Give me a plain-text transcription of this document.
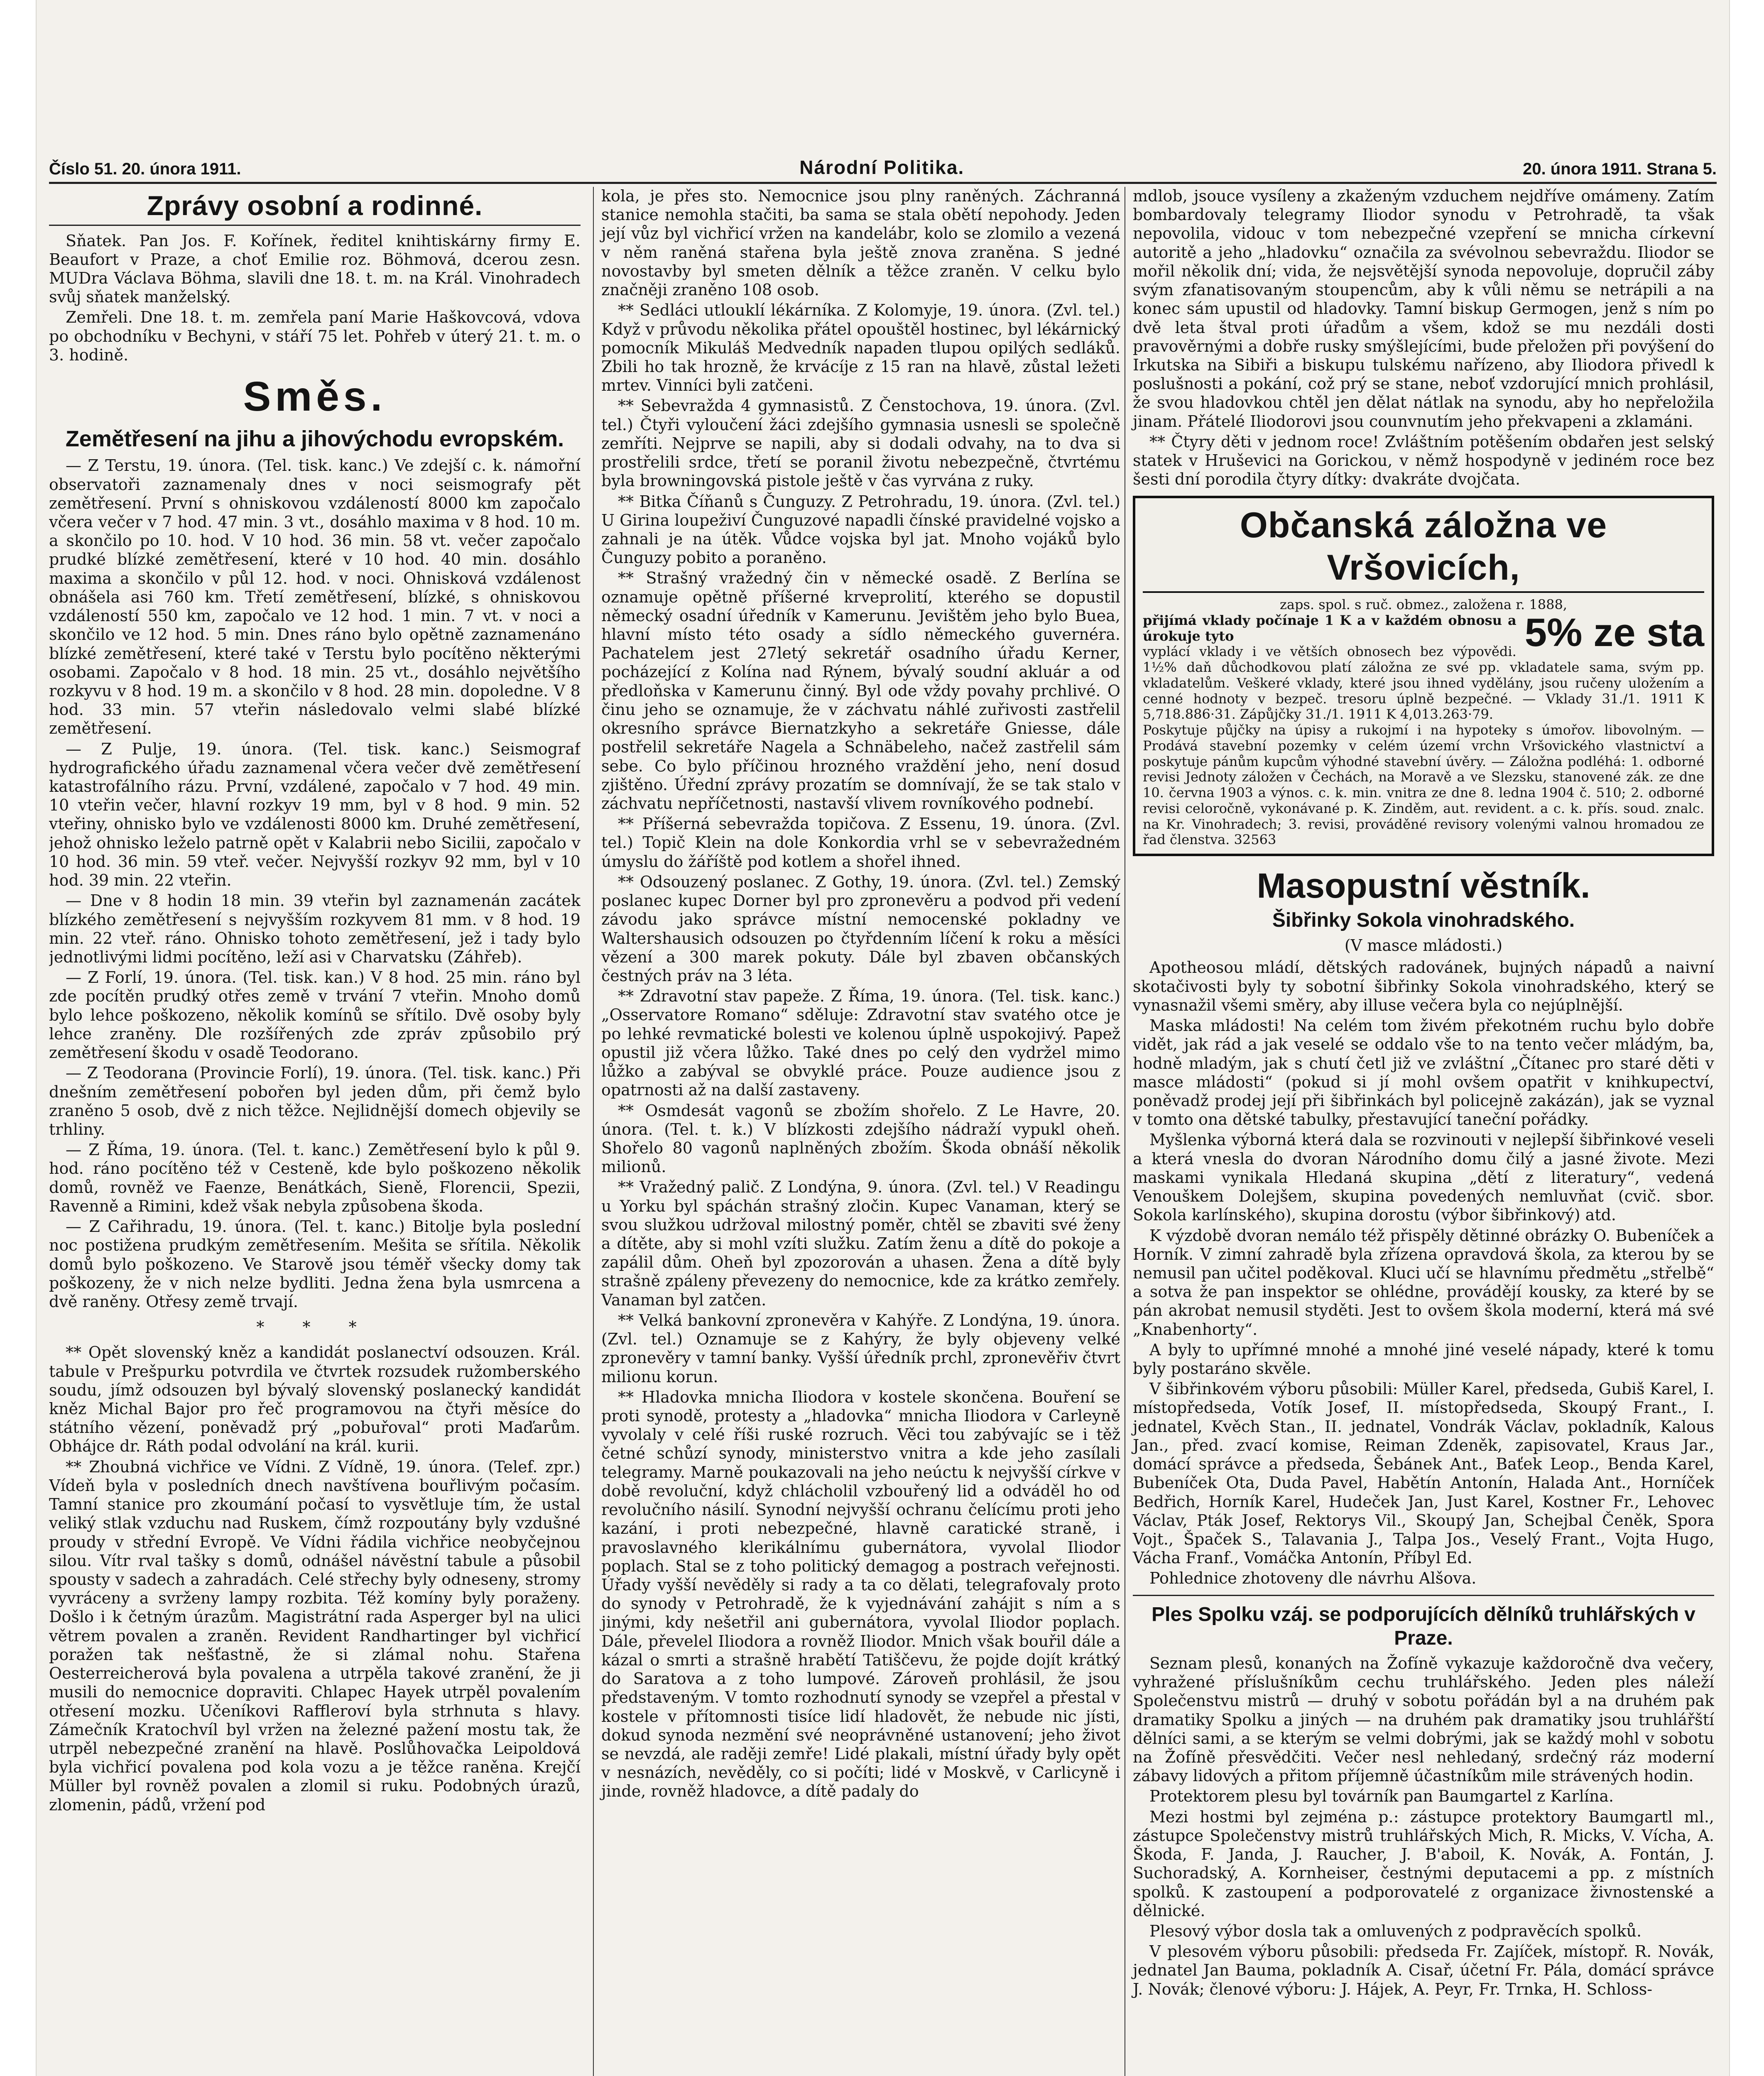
Číslo 51. 20. února 1911.	Národní Politika.	20. února 1911. Strana 5.
Zprávy osobní a rodinné.

Sňatek. Pan Jos. F. Kořínek, ředitel knihtiskárny firmy E. Beaufort v Praze, a choť Emilie roz. Böhmová, dcerou zesn. MUDra Václava Böhma, slavili dne 18. t. m. na Král. Vinohradech svůj sňatek manželský.

Zemřeli. Dne 18. t. m. zemřela paní Marie Haškovcová, vdova po obchodníku v Bechyni, v stáří 75 let. Pohřeb v úterý 21. t. m. o 3. hodině.

Směs.
Zemětřesení na jihu a jihovýchodu evropském.

— Z Terstu, 19. února. (Tel. tisk. kanc.) Ve zdejší c. k. námořní observatoři zaznamenaly dnes v noci seismografy pět zemětřesení. První s ohniskovou vzdáleností 8000 km započalo včera večer v 7 hod. 47 min. 3 vt., dosáhlo maxima v 8 hod. 10 m. a skončilo po 10. hod. V 10 hod. 36 min. 58 vt. večer započalo prudké blízké zemětřesení, které v 10 hod. 40 min. dosáhlo maxima a skončilo v půl 12. hod. v noci. Ohnisková vzdálenost obnášela asi 760 km. Třetí zemětřesení, blízké, s ohniskovou vzdáleností 550 km, započalo ve 12 hod. 1 min. 7 vt. v noci a skončilo ve 12 hod. 5 min. Dnes ráno bylo opětně zaznamenáno blízké zemětřesení, které také v Terstu bylo pocítěno některými osobami. Započalo v 8 hod. 18 min. 25 vt., dosáhlo největšího rozkyvu v 8 hod. 19 m. a skončilo v 8 hod. 28 min. dopoledne. V 8 hod. 33 min. 57 vteřin následovalo velmi slabé blízké zemětřesení.

— Z Pulje, 19. února. (Tel. tisk. kanc.) Seismograf hydrografického úřadu zaznamenal včera večer dvě zemětřesení katastrofálního rázu. První, vzdálené, započalo v 7 hod. 49 min. 10 vteřin večer, hlavní rozkyv 19 mm, byl v 8 hod. 9 min. 52 vteřiny, ohnisko bylo ve vzdálenosti 8000 km. Druhé zemětřesení, jehož ohnisko leželo patrně opět v Kalabrii nebo Sicilii, započalo v 10 hod. 36 min. 59 vteř. večer. Nejvyšší rozkyv 92 mm, byl v 10 hod. 39 min. 22 vteřin.

— Dne v 8 hodin 18 min. 39 vteřin byl zaznamenán zacátek blízkého zemětřesení s nejvyšším rozkyvem 81 mm. v 8 hod. 19 min. 22 vteř. ráno. Ohnisko tohoto zemětřesení, jež i tady bylo jednotlivými lidmi pocítěno, leží asi v Charvatsku (Záhřeb).

— Z Forlí, 19. února. (Tel. tisk. kan.) V 8 hod. 25 min. ráno byl zde pocítěn prudký otřes země v trvání 7 vteřin. Mnoho domů bylo lehce poškozeno, několik komínů se sřítilo. Dvě osoby byly lehce zraněny. Dle rozšířených zde zpráv způsobilo prý zemětřesení škodu v osadě Teodorano.

— Z Teodorana (Provincie Forlí), 19. února. (Tel. tisk. kanc.) Při dnešním zemětřesení pobořen byl jeden dům, při čemž bylo zraněno 5 osob, dvě z nich těžce. Nejlidnější domech objevily se trhliny.

— Z Říma, 19. února. (Tel. t. kanc.) Zemětřesení bylo k půl 9. hod. ráno pocítěno též v Cesteně, kde bylo poškozeno několik domů, rovněž ve Faenze, Benátkách, Sieně, Florencii, Spezii, Ravenně a Rimini, kdež však nebyla způsobena škoda.

— Z Cařihradu, 19. února. (Tel. t. kanc.) Bitolje byla poslední noc postižena prudkým zemětřesením. Mešita se sřítila. Několik domů bylo poškozeno. Ve Starově jsou téměř všecky domy tak poškozeny, že v nich nelze bydliti. Jedna žena byla usmrcena a dvě raněny. Otřesy země trvají.

* * *

** Opět slovenský kněz a kandidát poslanectví odsouzen. Král. tabule v Prešpurku potvrdila ve čtvrtek rozsudek ružomberského soudu, jímž odsouzen byl bývalý slovenský poslanecký kandidát kněz Michal Bajor pro řeč programovou na čtyři měsíce do státního vězení, poněvadž prý „pobuřoval“ proti Maďarům. Obhájce dr. Ráth podal odvolání na král. kurii.

** Zhoubná vichřice ve Vídni. Z Vídně, 19. února. (Telef. zpr.) Vídeň byla v posledních dnech navštívena bouřlivým počasím. Tamní stanice pro zkoumání počasí to vysvětluje tím, že ustal veliký stlak vzduchu nad Ruskem, čímž rozpoutány byly vzdušné proudy v střední Evropě. Ve Vídni řádila vichřice neobyčejnou silou. Vítr rval tašky s domů, odnášel návěstní tabule a působil spousty v sadech a zahradách. Celé střechy byly odneseny, stromy vyvráceny a svrženy lampy rozbita. Též komíny byly poraženy. Došlo i k četným úrazům. Magistrátní rada Asperger byl na ulici větrem povalen a zraněn. Revident Randhartinger byl vichřicí poražen tak nešťastně, že si zlámal nohu. Stařena Oesterreicherová byla povalena a utrpěla takové zranění, že ji musili do nemocnice dopraviti. Chlapec Hayek utrpěl povalením otřesení mozku. Učeníkovi Raffleroví byla strhnuta s hlavy. Zámečník Kratochvíl byl vržen na železné pažení mostu tak, že utrpěl nebezpečné zranění na hlavě. Poslůhovačka Leipoldová byla vichřicí povalena pod kola vozu a je těžce raněna. Krejčí Müller byl rovněž povalen a zlomil si ruku. Podobných úrazů, zlomenin, pádů, vržení pod

kola, je přes sto. Nemocnice jsou plny raněných. Záchranná stanice nemohla stačiti, ba sama se stala obětí nepohody. Jeden její vůz byl vichřicí vržen na kandelábr, kolo se zlomilo a vezená v něm raněná stařena byla ještě znova zraněna. S jedné novostavby byl smeten dělník a těžce zraněn. V celku bylo značněji zraněno 108 osob.

** Sedláci utlouklí lékárníka. Z Kolomyje, 19. února. (Zvl. tel.) Když v průvodu několika přátel opouštěl hostinec, byl lékárnický pomocník Mikuláš Medvedník napaden tlupou opilých sedláků. Zbili ho tak hrozně, že krvácíje z 15 ran na hlavě, zůstal ležeti mrtev. Vinníci byli zatčeni.

** Sebevražda 4 gymnasistů. Z Čenstochova, 19. února. (Zvl. tel.) Čtyři vyloučení žáci zdejšího gymnasia usnesli se společně zemříti. Nejprve se napili, aby si dodali odvahy, na to dva si prostřelili srdce, třetí se poranil životu nebezpečně, čtvrtému byla browningovská pistole ještě v čas vyrvána z ruky.

** Bitka Číňanů s Čunguzy. Z Petrohradu, 19. února. (Zvl. tel.) U Girina loupeživí Čunguzové napadli čínské pravidelné vojsko a zahnali je na útěk. Vůdce vojska byl jat. Mnoho vojáků bylo Čunguzy pobito a poraněno.

** Strašný vražedný čin v německé osadě. Z Berlína se oznamuje opětně příšerné krveprolití, kterého se dopustil německý osadní úředník v Kamerunu. Jevištěm jeho bylo Buea, hlavní místo této osady a sídlo německého guvernéra. Pachatelem jest 27letý sekretář osadního úřadu Kerner, pocházející z Kolína nad Rýnem, bývalý soudní akluár a od předloňska v Kamerunu činný. Byl ode vždy povahy prchlivé. O činu jeho se oznamuje, že v záchvatu náhlé zuřivosti zastřelil okresního správce Biernatzkyho a sekretáře Gniesse, dále postřelil sekretáře Nagela a Schnäbeleho, načež zastřelil sám sebe. Co bylo příčinou hrozného vraždění jeho, není dosud zjištěno. Úřední zprávy prozatím se domnívají, že se tak stalo v záchvatu nepříčetnosti, nastavší vlivem rovníkového podnebí.

** Příšerná sebevražda topičova. Z Essenu, 19. února. (Zvl. tel.) Topič Klein na dole Konkordia vrhl se v sebevražedném úmyslu do žáříště pod kotlem a shořel ihned.

** Odsouzený poslanec. Z Gothy, 19. února. (Zvl. tel.) Zemský poslanec kupec Dorner byl pro zpronevěru a podvod při vedení závodu jako správce místní nemocenské pokladny ve Waltershausich odsouzen po čtyřdenním líčení k roku a měsíci vězení a 300 marek pokuty. Dále byl zbaven občanských čestných práv na 3 léta.

** Zdravotní stav papeže. Z Říma, 19. února. (Tel. tisk. kanc.) „Osservatore Romano“ sděluje: Zdravotní stav svatého otce je po lehké revmatické bolesti ve kolenou úplně uspokojivý. Papež opustil již včera lůžko. Také dnes po celý den vydržel mimo lůžko a zabýval se obvyklé práce. Pouze audience jsou z opatrnosti až na další zastaveny.

** Osmdesát vagonů se zbožím shořelo. Z Le Havre, 20. února. (Tel. t. k.) V blízkosti zdejšího nádraží vypukl oheň. Shořelo 80 vagonů naplněných zbožím. Škoda obnáší několik milionů.

** Vražedný palič. Z Londýna, 9. února. (Zvl. tel.) V Readingu u Yorku byl spáchán strašný zločin. Kupec Vanaman, který se svou služkou udržoval milostný poměr, chtěl se zbaviti své ženy a dítěte, aby si mohl vzíti služku. Zatím ženu a dítě do pokoje a zapálil dům. Oheň byl zpozorován a uhasen. Žena a dítě byly strašně zpáleny převezeny do nemocnice, kde za krátko zemřely. Vanaman byl zatčen.

** Velká bankovní zpronevěra v Kahýře. Z Londýna, 19. února. (Zvl. tel.) Oznamuje se z Kahýry, že byly objeveny velké zpronevěry v tamní banky. Vyšší úředník prchl, zpronevěřiv čtvrt milionu korun.

** Hladovka mnicha Iliodora v kostele skončena. Bouření se proti synodě, protesty a „hladovka“ mnicha Iliodora v Carleyně vyvolaly v celé říši ruské rozruch. Věci tou zabývajíc se i těž četné schůzí synody, ministerstvo vnitra a kde jeho zasílali telegramy. Marně poukazovali na jeho neúctu k nejvyšší církve v době revoluční, když chlácholil vzbouřený lid a odváděl ho od revolučního násilí. Synodní nejvyšší ochranu čelícímu proti jeho kazání, i proti nebezpečné, hlavně caratické straně, i pravoslavného klerikálnímu gubernátora, vyvolal Iliodor poplach. Stal se z toho politický demagog a postrach veřejnosti. Úřady vyšší nevěděly si rady a ta co dělati, telegrafovaly proto do synody v Petrohradě, že k vyjednávání zahájit s ním a s jinými, kdy nešetřil ani gubernátora, vyvolal Iliodor poplach. Dále, převelel Iliodora a rovněž Iliodor. Mnich však bouřil dále a kázal o smrti a strašně hrabětí Tatiščevu, že pojde dojít krátký do Saratova a z toho lumpové. Zároveň prohlásil, že jsou představeným. V tomto rozhodnutí synody se vzepřel a přestal v kostele v přítomnosti tisíce lidí hladovět, že nebude nic jísti, dokud synoda nezmění své neoprávněné ustanovení; jeho život se nevzdá, ale raději zemře! Lidé plakali, místní úřady byly opět v nesnázích, nevěděly, co si počíti; lidé v Moskvě, v Carlicyně i jinde, rovněž hladovce, a dítě padaly do

mdlob, jsouce vysíleny a zkaženým vzduchem nejdříve omámeny. Zatím bombardovaly telegramy Iliodor synodu v Petrohradě, ta však nepovolila, vidouc v tom nebezpečné vzepření se mnicha církevní autoritě a jeho „hladovku“ označila za svévolnou sebevraždu. Iliodor se mořil několik dní; vida, že nejsvětější synoda nepovoluje, dopručil záby svým zfanatisovaným stoupencům, aby k vůli němu se netrápili a na konec sám upustil od hladovky. Tamní biskup Germogen, jenž s ním po dvě leta štval proti úřadům a všem, kdož se mu nezdáli dosti pravověrnými a dobře rusky smýšlejícími, bude přeložen při povýšení do Irkutska na Sibiři a biskupu tulskému nařízeno, aby Iliodora přivedl k poslušnosti a pokání, což prý se stane, neboť vzdorující mnich prohlásil, že svou hladovkou chtěl jen dělat nátlak na synodu, aby ho nepřeložila jinam. Přátelé Iliodorovi jsou counvnutím jeho překvapeni a zklamáni.

** Čtyry děti v jednom roce! Zvláštním potěšením obdařen jest selský statek v Hruševici na Gorickou, v němž hospodyně v jediném roce bez šesti dní porodila čtyry dítky: dvakráte dvojčata.

Občanská záložna ve Vršovicích,

zaps. spol. s ruč. obmez., založena r. 1888,

5% ze sta

přijímá vklady počínaje 1 K a v každém obnosu a úrokuje tyto

vyplácí vklady i ve větších obnosech bez výpovědi. 1½% daň důchodkovou platí záložna ze své pp. vkladatele sama, svým pp. vkladatelům. Veškeré vklady, které jsou ihned vydělány, jsou ručeny uložením a cenné hodnoty v bezpeč. tresoru úplně bezpečné. — Vklady 31./1. 1911 K 5,718.886·31. Zápůjčky 31./1. 1911 K 4,013.263·79.

Poskytuje půjčky na úpisy a rukojmí i na hypoteky s úmořov. libovolným. — Prodává stavební pozemky v celém území vrchn Vršovického vlastnictví a poskytuje pánům kupcům výhodné stavební úvěry. — Záložna podléhá: 1. odborné revisi Jednoty záložen v Čechách, na Moravě a ve Slezsku, stanovené zák. ze dne 10. června 1903 a výnos. c. k. min. vnitra ze dne 8. ledna 1904 č. 510; 2. odborné revisi celoročně, vykonávané p. K. Zinděm, aut. revident. a c. k. přís. soud. znalc. na Kr. Vinohradech; 3. revisi, prováděné revisory volenými valnou hromadou ze řad členstva. 32563

Masopustní věstník.
Šibřinky Sokola vinohradského.
(V masce mládosti.)

Apotheosou mládí, dětských radovánek, bujných nápadů a naivní skotačivosti byly ty sobotní šibřinky Sokola vinohradského, který se vynasnažil všemi směry, aby illuse večera byla co nejúplnější.

Maska mládosti! Na celém tom živém překotném ruchu bylo dobře vidět, jak rád a jak veselé se oddalo vše to na tento večer mládým, ba, hodně mladým, jak s chutí četl již ve zvláštní „Čítanec pro staré děti v masce mládosti“ (pokud si jí mohl ovšem opatřit v knihkupectví, poněvadž prodej její při šibřinkách byl policejně zakázán), jak se vyznal v tomto ona dětské tabulky, přestavující taneční pořádky.

Myšlenka výborná která dala se rozvinouti v nejlepší šibřinkové veseli a která vnesla do dvoran Národního domu čilý a jasné živote. Mezi maskami vynikala Hledaná skupina „dětí z literatury“, vedená Venouškem Dolejšem, skupina povedených nemluvňat (cvič. sbor. Sokola karlínského), skupina dorostu (výbor šibřinkový) atd.

K výzdobě dvoran nemálo též přispěly dětinné obrázky O. Bubeníček a Horník. V zimní zahradě byla zřízena opravdová škola, za kterou by se nemusil pan učitel poděkoval. Kluci učí se hlavnímu předmětu „střelbě“ a sotva že pan inspektor se ohlédne, provádějí kousky, za které by se pán akrobat nemusil styděti. Jest to ovšem škola moderní, která má své „Knabenhorty“.

A byly to upřímné mnohé a mnohé jiné veselé nápady, které k tomu byly postaráno skvěle.

V šibřinkovém výboru působili: Müller Karel, předseda, Gubiš Karel, I. místopředseda, Votík Josef, II. místopředseda, Skoupý Frant., I. jednatel, Kvěch Stan., II. jednatel, Vondrák Václav, pokladník, Kalous Jan., před. zvací komise, Reiman Zdeněk, zapisovatel, Kraus Jar., domácí správce a předseda, Šebánek Ant., Baťek Leop., Benda Karel, Bubeníček Ota, Duda Pavel, Habětín Antonín, Halada Ant., Horníček Bedřich, Horník Karel, Hudeček Jan, Just Karel, Kostner Fr., Lehovec Václav, Pták Josef, Rektorys Vil., Skoupý Jan, Schejbal Čeněk, Spora Vojt., Špaček S., Talavania J., Talpa Jos., Veselý Frant., Vojta Hugo, Vácha Franf., Vomáčka Antonín, Příbyl Ed.

Pohlednice zhotoveny dle návrhu Alšova.

Ples Spolku vzáj. se podporujících dělníků truhlářských v Praze.

Seznam plesů, konaných na Žofíně vykazuje každoročně dva večery, vyhražené příslušníkům cechu truhlářského. Jeden ples náleží Společenstvu mistrů — druhý v sobotu pořádán byl a na druhém pak dramatiky Spolku a jiných — na druhém pak dramatiky jsou truhlářští dělníci sami, a se kterým se velmi dobrými, jak se každý mohl v sobotu na Žofíně přesvědčiti. Večer nesl nehledaný, srdečný ráz moderní zábavy lidových a přitom příjemně účastníkům mile strávených hodin.

Protektorem plesu byl továrník pan Baumgartel z Karlína.

Mezi hostmi byl zejména p.: zástupce protektory Baumgartl ml., zástupce Společenstvy mistrů truhlářských Mich, R. Micks, V. Vícha, A. Škoda, F. Janda, J. Raucher, J. B'aboil, K. Novák, A. Fontán, J. Suchoradský, A. Kornheiser, čestnými deputacemi a pp. z místních spolků. K zastoupení a podporovatelé z organizace živnostenské a dělnické.

Plesový výbor dosla tak a omluvených z podpravěcích spolků.

V plesovém výboru působili: předseda Fr. Zajíček, místopř. R. Novák, jednatel Jan Bauma, pokladník A. Cisař, účetní Fr. Pála, domácí správce J. Novák; členové výboru: J. Hájek, A. Peyr, Fr. Trnka, H. Schloss-
